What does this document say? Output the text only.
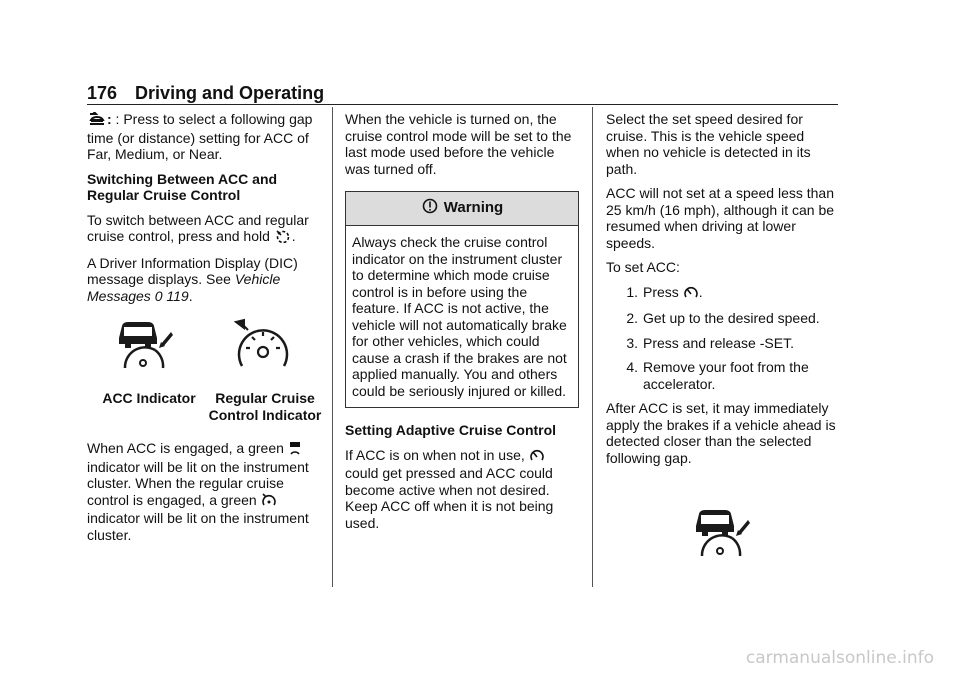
176 Driving and Operating

: : Press to select a following gap time (or distance) setting for ACC of Far, Medium, or Near.

Switching Between ACC and Regular Cruise Control

To switch between ACC and regular cruise control, press and hold .

A Driver Information Display (DIC) message displays. See Vehicle Messages 0 119.

ACC Indicator	Regular Cruise
Control Indicator

When ACC is engaged, a green  indicator will be lit on the instrument cluster. When the regular cruise control is engaged, a green  indicator will be lit on the instrument cluster.

When the vehicle is turned on, the cruise control mode will be set to the last mode used before the vehicle was turned off.

Warning
Always check the cruise control indicator on the instrument cluster to determine which mode cruise control is in before using the feature. If ACC is not active, the vehicle will not automatically brake for other vehicles, which could cause a crash if the brakes are not applied manually. You and others could be seriously injured or killed.

Setting Adaptive Cruise Control

If ACC is on when not in use,  could get pressed and ACC could become active when not desired. Keep ACC off when it is not being used.

Select the set speed desired for cruise. This is the vehicle speed when no vehicle is detected in its path.

ACC will not set at a speed less than 25 km/h (16 mph), although it can be resumed when driving at lower speeds.

To set ACC:

1. Press .
2. Get up to the desired speed.
3. Press and release -SET.
4. Remove your foot from the accelerator.

After ACC is set, it may immediately apply the brakes if a vehicle ahead is detected closer than the selected following gap.

carmanualsonline.info
